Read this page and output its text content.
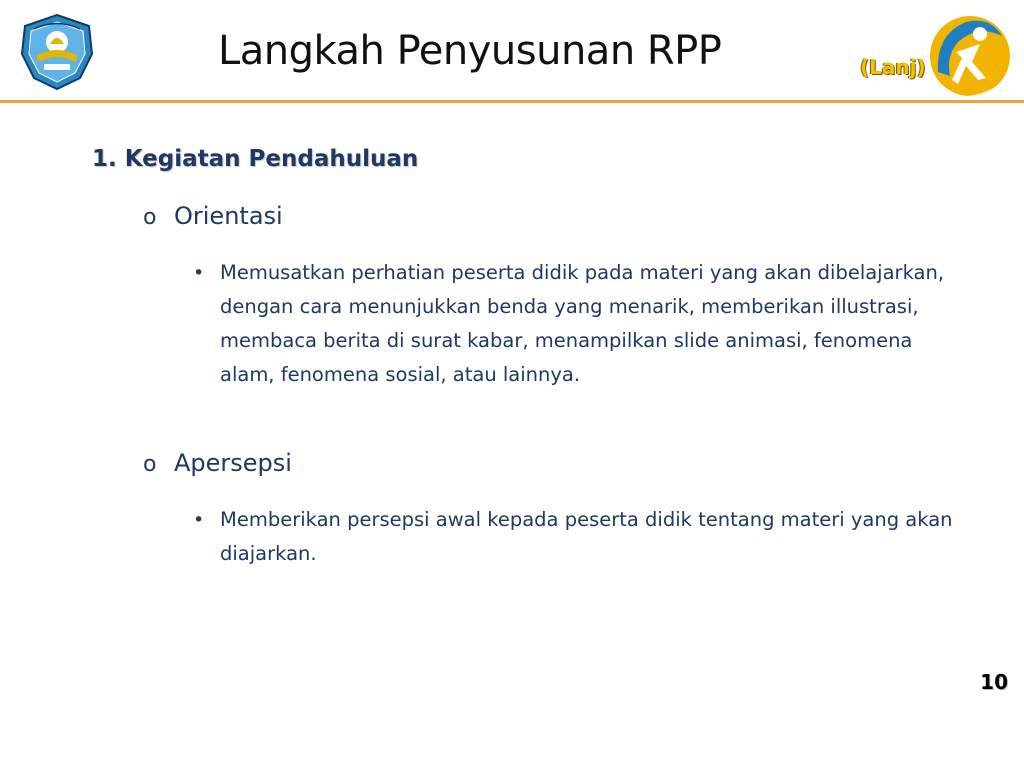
Langkah Penyusunan RPP	(Lanj)
1. Kegiatan Pendahuluan
o Orientasi
• Memusatkan perhatian peserta didik pada materi yang akan dibelajarkan, dengan cara menunjukkan benda yang menarik, memberikan illustrasi, membaca berita di surat kabar, menampilkan slide animasi, fenomena alam, fenomena sosial, atau lainnya.
o Apersepsi
• Memberikan persepsi awal kepada peserta didik tentang materi yang akan diajarkan.
10
